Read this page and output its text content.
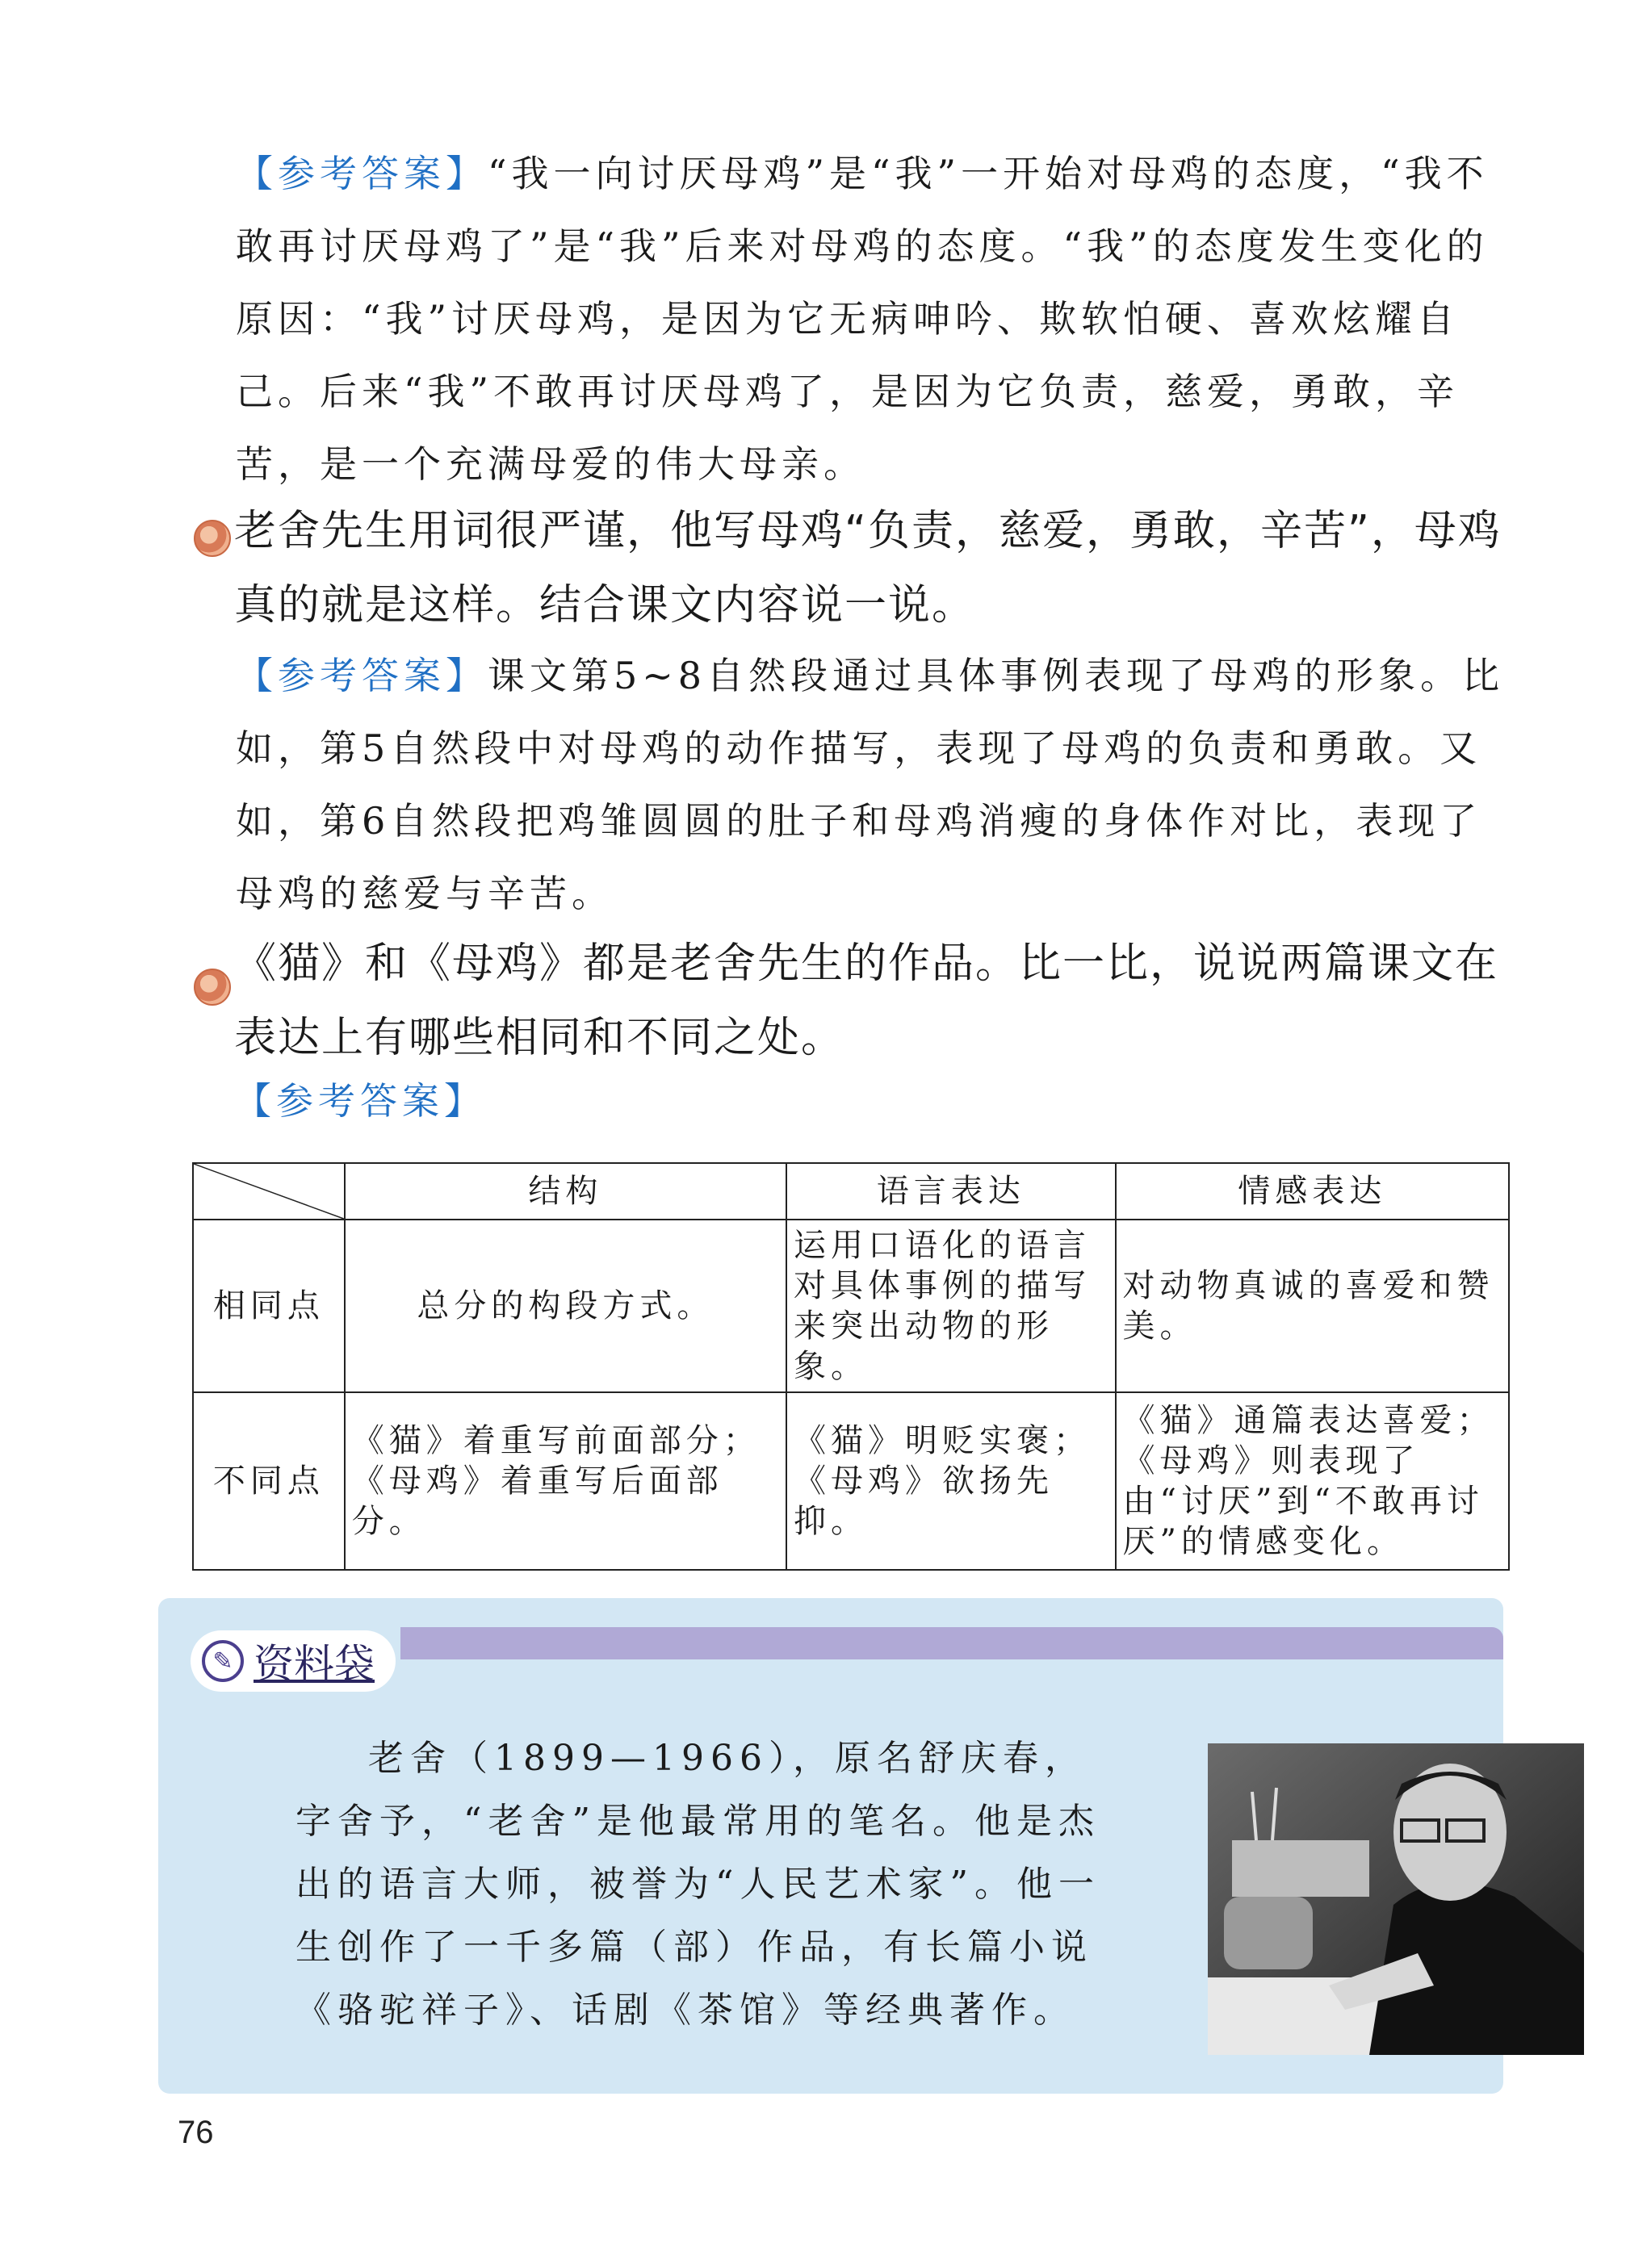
【参考答案】“我一向讨厌母鸡”是“我”一开始对母鸡的态度，“我不敢再讨厌母鸡了”是“我”后来对母鸡的态度。“我”的态度发生变化的原因：“我”讨厌母鸡，是因为它无病呻吟、欺软怕硬、喜欢炫耀自己。后来“我”不敢再讨厌母鸡了，是因为它负责，慈爱，勇敢，辛苦，是一个充满母爱的伟大母亲。
老舍先生用词很严谨，他写母鸡“负责，慈爱，勇敢，辛苦”，母鸡真的就是这样。结合课文内容说一说。
【参考答案】课文第5~8自然段通过具体事例表现了母鸡的形象。比如，第5自然段中对母鸡的动作描写，表现了母鸡的负责和勇敢。又如，第6自然段把鸡雏圆圆的肚子和母鸡消瘦的身体作对比，表现了母鸡的慈爱与辛苦。
《猫》和《母鸡》都是老舍先生的作品。比一比，说说两篇课文在表达上有哪些相同和不同之处。
【参考答案】
	结构	语言表达	情感表达
相同点	总分的构段方式。	运用口语化的语言对具体事例的描写来突出动物的形象。	对动物真诚的喜爱和赞美。
不同点	《猫》着重写前面部分；《母鸡》着重写后面部分。	《猫》明贬实褒；《母鸡》欲扬先抑。	《猫》通篇表达喜爱；《母鸡》则表现了由“讨厌”到“不敢再讨厌”的情感变化。
✎ 资料袋
老舍（1899—1966），原名舒庆春，字舍予，“老舍”是他最常用的笔名。他是杰出的语言大师，被誉为“人民艺术家”。他一生创作了一千多篇（部）作品，有长篇小说《骆驼祥子》、话剧《茶馆》等经典著作。
76
